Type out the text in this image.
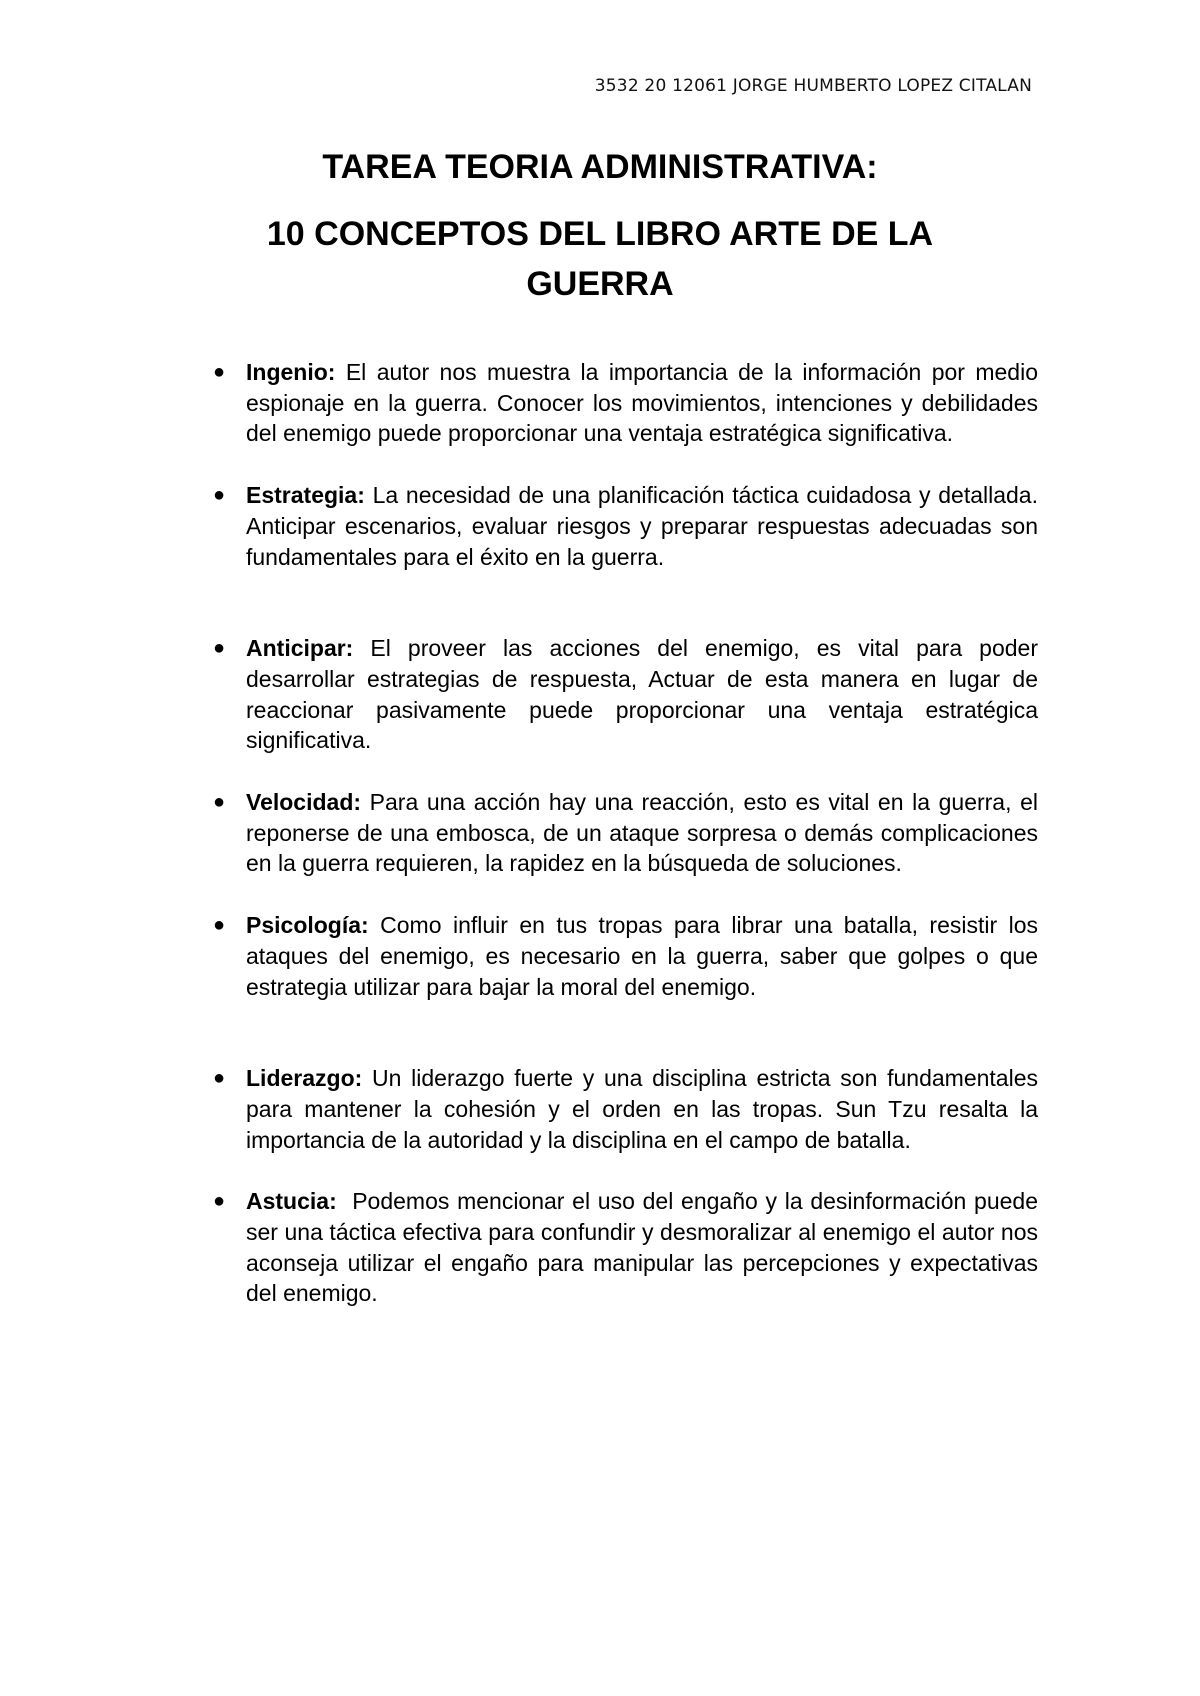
3532 20 12061 JORGE HUMBERTO LOPEZ CITALAN
TAREA TEORIA ADMINISTRATIVA:
10 CONCEPTOS DEL LIBRO ARTE DE LA GUERRA
● Ingenio: El autor nos muestra la importancia de la información por medio espionaje en la guerra. Conocer los movimientos, intenciones y debilidades del enemigo puede proporcionar una ventaja estratégica significativa.
● Estrategia: La necesidad de una planificación táctica cuidadosa y detallada. Anticipar escenarios, evaluar riesgos y preparar respuestas adecuadas son fundamentales para el éxito en la guerra.
● Anticipar: El proveer las acciones del enemigo, es vital para poder desarrollar estrategias de respuesta, Actuar de esta manera en lugar de reaccionar pasivamente puede proporcionar una ventaja estratégica significativa.
● Velocidad: Para una acción hay una reacción, esto es vital en la guerra, el reponerse de una embosca, de un ataque sorpresa o demás complicaciones en la guerra requieren, la rapidez en la búsqueda de soluciones.
● Psicología: Como influir en tus tropas para librar una batalla, resistir los ataques del enemigo, es necesario en la guerra, saber que golpes o que estrategia utilizar para bajar la moral del enemigo.
● Liderazgo: Un liderazgo fuerte y una disciplina estricta son fundamentales para mantener la cohesión y el orden en las tropas. Sun Tzu resalta la importancia de la autoridad y la disciplina en el campo de batalla.
● Astucia:  Podemos mencionar el uso del engaño y la desinformación puede ser una táctica efectiva para confundir y desmoralizar al enemigo el autor nos aconseja utilizar el engaño para manipular las percepciones y expectativas del enemigo.
